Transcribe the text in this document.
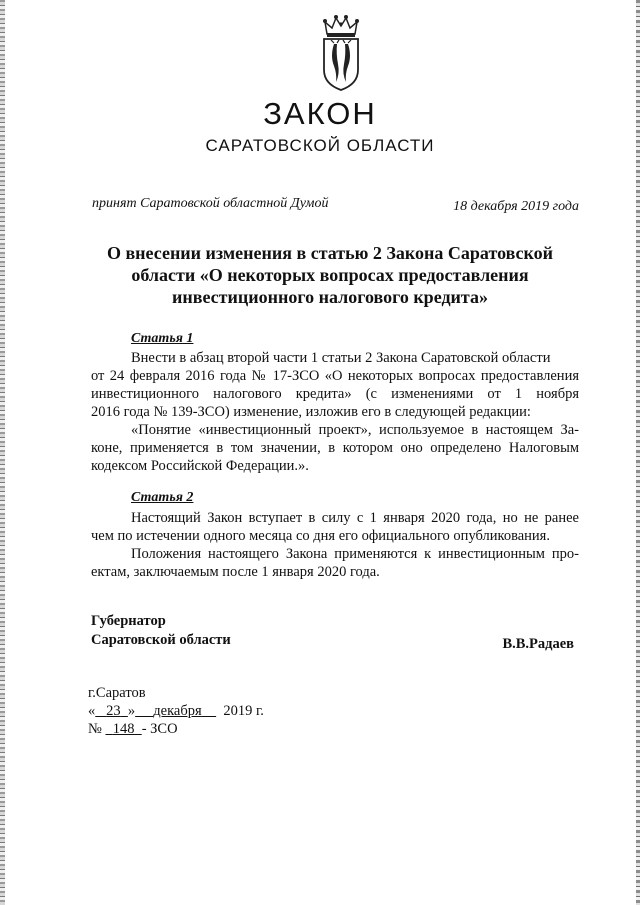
ЗАКОН
САРАТОВСКОЙ ОБЛАСТИ
принят Саратовской областной Думой	18 декабря 2019 года
О внесении изменения в статью 2 Закона Саратовской
области «О некоторых вопросах предоставления
инвестиционного налогового кредита»
Статья 1
Внести в абзац второй части 1 статьи 2 Закона Саратовской области
от 24 февраля 2016 года № 17-ЗСО «О некоторых вопросах предоставления
инвестиционного налогового кредита» (с изменениями от 1 ноября
2016 года № 139-ЗСО) изменение, изложив его в следующей редакции:
«Понятие «инвестиционный проект», используемое в настоящем За-
коне, применяется в том значении, в котором оно определено Налоговым
кодексом Российской Федерации.».
Статья 2
Настоящий Закон вступает в силу с 1 января 2020 года, но не ранее
чем по истечении одного месяца со дня его официального опубликования.
Положения настоящего Закона применяются к инвестиционным про-
ектам, заключаемым после 1 января 2020 года.
Губернатор
Саратовской области	В.В.Радаев
г.Саратов
« 23 » декабря 2019 г.
№ 148 - ЗСО
